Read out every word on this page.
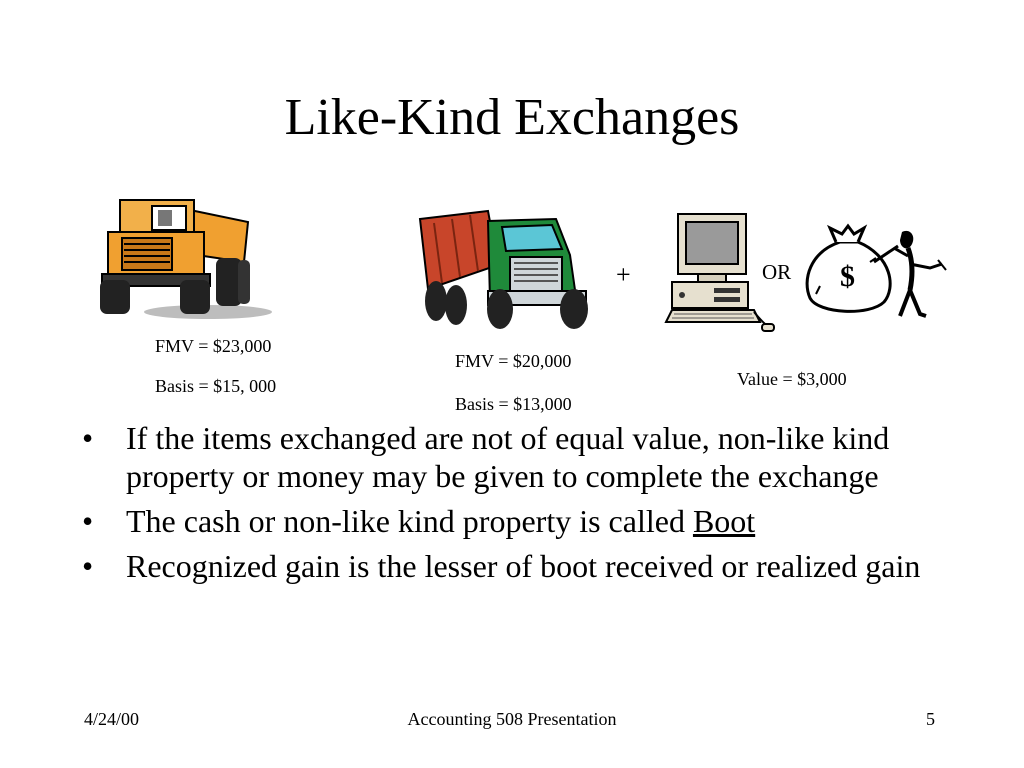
Like-Kind Exchanges
+	OR $
FMV = $23,000
Basis = $15, 000
FMV = $20,000
Basis = $13,000
Value = $3,000
•	If the items exchanged are not of equal value, non-like kind property or money may be given to complete the exchange
•	The cash or non-like kind property is called Boot
•	Recognized gain is the lesser of boot received or realized gain
4/24/00	Accounting 508 Presentation	5
